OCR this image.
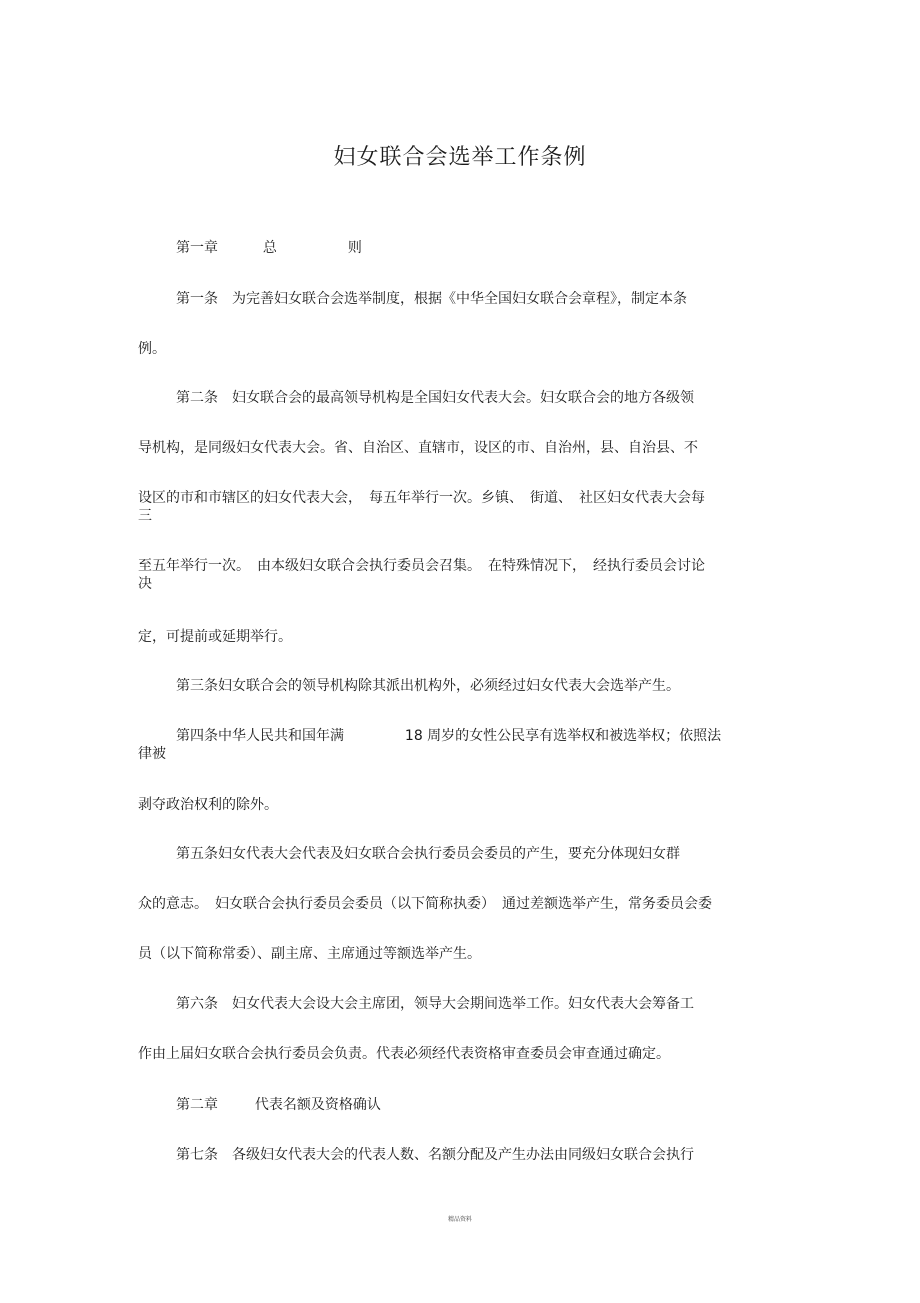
妇女联合会选举工作条例
第一章	总	则
第一条　为完善妇女联合会选举制度，根据《中华全国妇女联合会章程》，制定本条
例。
第二条　妇女联合会的最高领导机构是全国妇女代表大会。妇女联合会的地方各级领
导机构，是同级妇女代表大会。省、自治区、直辖市，设区的市、自治州，县、自治县、不
设区的市和市辖区的妇女代表大会，　每五年举行一次。乡镇、　街道、　社区妇女代表大会每
三
至五年举行一次。　由本级妇女联合会执行委员会召集。　在特殊情况下，　经执行委员会讨论
决
定，可提前或延期举行。
第三条妇女联合会的领导机构除其派出机构外，必须经过妇女代表大会选举产生。
第四条中华人民共和国年满	18 周岁的女性公民享有选举权和被选举权；依照法
律被
剥夺政治权利的除外。
第五条妇女代表大会代表及妇女联合会执行委员会委员的产生，要充分体现妇女群
众的意志。　妇女联合会执行委员会委员（以下简称执委）　通过差额选举产生，常务委员会委
员（以下简称常委）、副主席、主席通过等额选举产生。
第六条　妇女代表大会设大会主席团，领导大会期间选举工作。妇女代表大会筹备工
作由上届妇女联合会执行委员会负责。代表必须经代表资格审查委员会审查通过确定。
第二章	代表名额及资格确认
第七条　各级妇女代表大会的代表人数、名额分配及产生办法由同级妇女联合会执行
精品资料
